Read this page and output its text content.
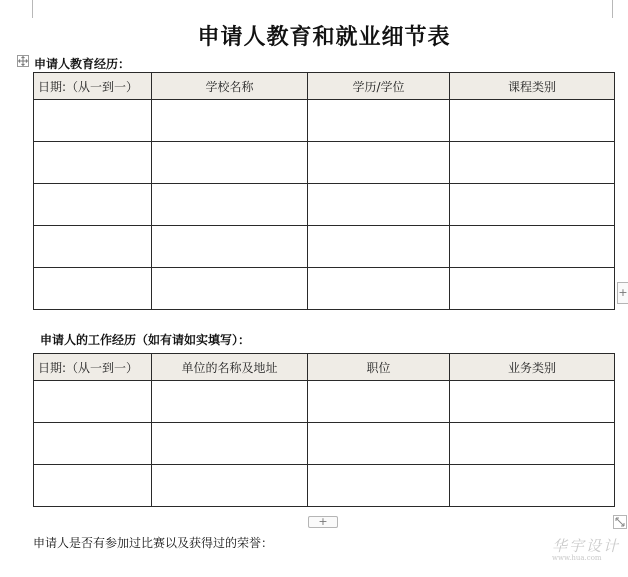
申请人教育和就业细节表
申请人教育经历：
日期:（从一到一）	学校名称	学历/学位	课程类别

+
申请人的工作经历（如有请如实填写）：
日期:（从一到一）	单位的名称及地址	职位	业务类别

+
申请人是否有参加过比赛以及获得过的荣誉：	华宇设计
www.hua.com
